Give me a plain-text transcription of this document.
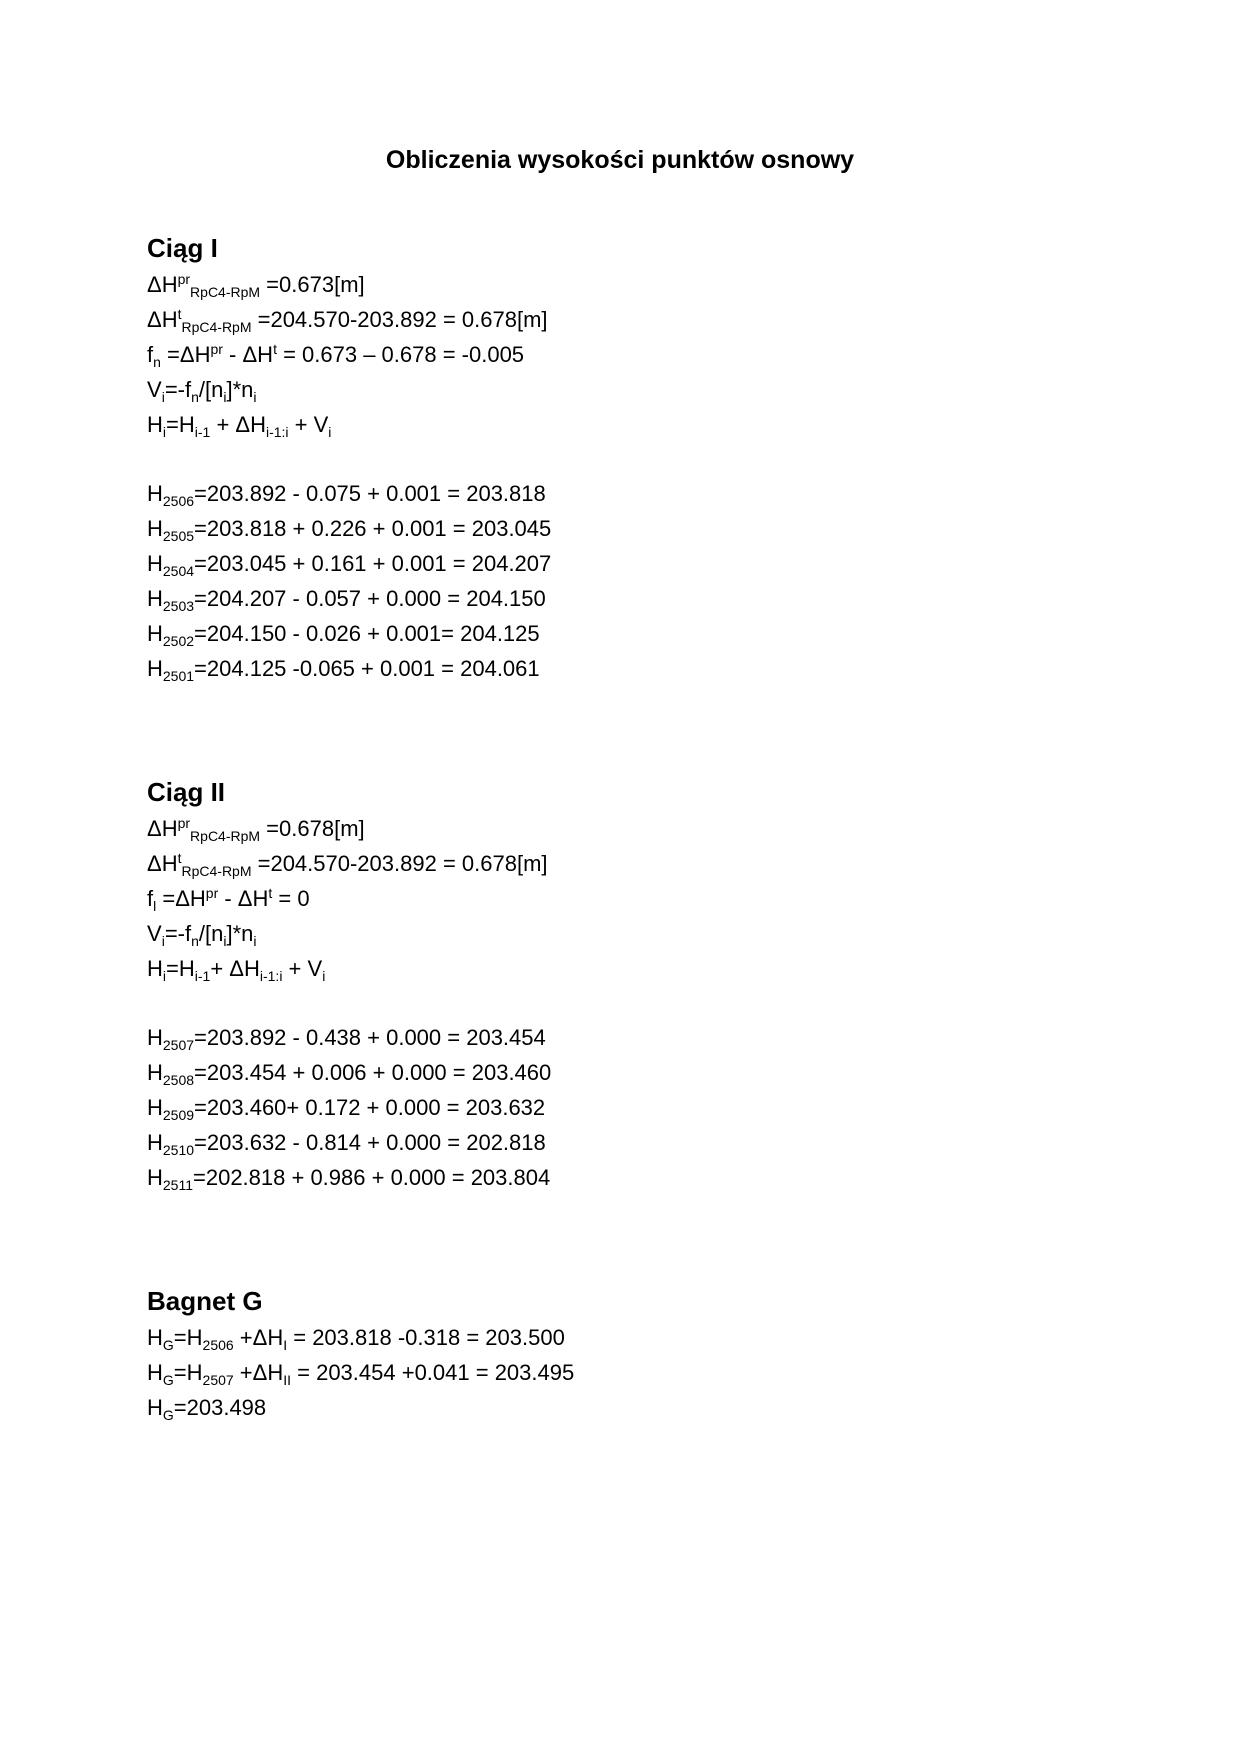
Obliczenia wysokości punktów osnowy
Ciąg I
$\Delta H^{pr}_{RpC4-RpM} =0.673[m]$
$\Delta H^t_{RpC4-RpM} =204.570-203.892 = 0.678[m]$
$f_n =\Delta H^{pr} - \Delta H^t = 0.673 - 0.678 = -0.005$
$V_i=-f_n/[n_i]*n_i$
$H_i=H_{i-1} + \Delta H_{i-1:i} + V_i$
$H_{2506}=203.892 - 0.075 + 0.001 = 203.818$
$H_{2505}=203.818 + 0.226 + 0.001 = 203.045$
$H_{2504}=203.045 + 0.161 + 0.001 = 204.207$
$H_{2503}=204.207 - 0.057 + 0.000 = 204.150$
$H_{2502}=204.150 - 0.026 + 0.001= 204.125$
$H_{2501}=204.125$ -0.065 + 0.001 = 204.061
Ciąg II
$\Delta H^{pr}_{RpC4-RpM} =0.678[m]$
$\Delta H^t_{RpC4-RpM} =204.570-203.892 = 0.678[m]$
$f_l =\Delta H^{pr} - \Delta H^t = 0$
$V_i=-f_n/[n_i]*n_i$
$H_i=H_{i-1}+ \Delta H_{i-1:i} + V_i$
$H_{2507}=203.892 - 0.438 + 0.000 = 203.454$
$H_{2508}=203.454 + 0.006 + 0.000 = 203.460$
$H_{2509}=203.460+ 0.172 + 0.000 = 203.632$
$H_{2510}=203.632 - 0.814 + 0.000 = 202.818$
$H_{2511}=202.818 + 0.986 + 0.000 = 203.804$
Bagnet G
$H_G=H_{2506} +\Delta H_I = 203.818$ -0.318 = 203.500
$H_G=H_{2507} +\Delta H_{II} = 203.454 +0.041 = 203.495$
$H_G=203.498$
